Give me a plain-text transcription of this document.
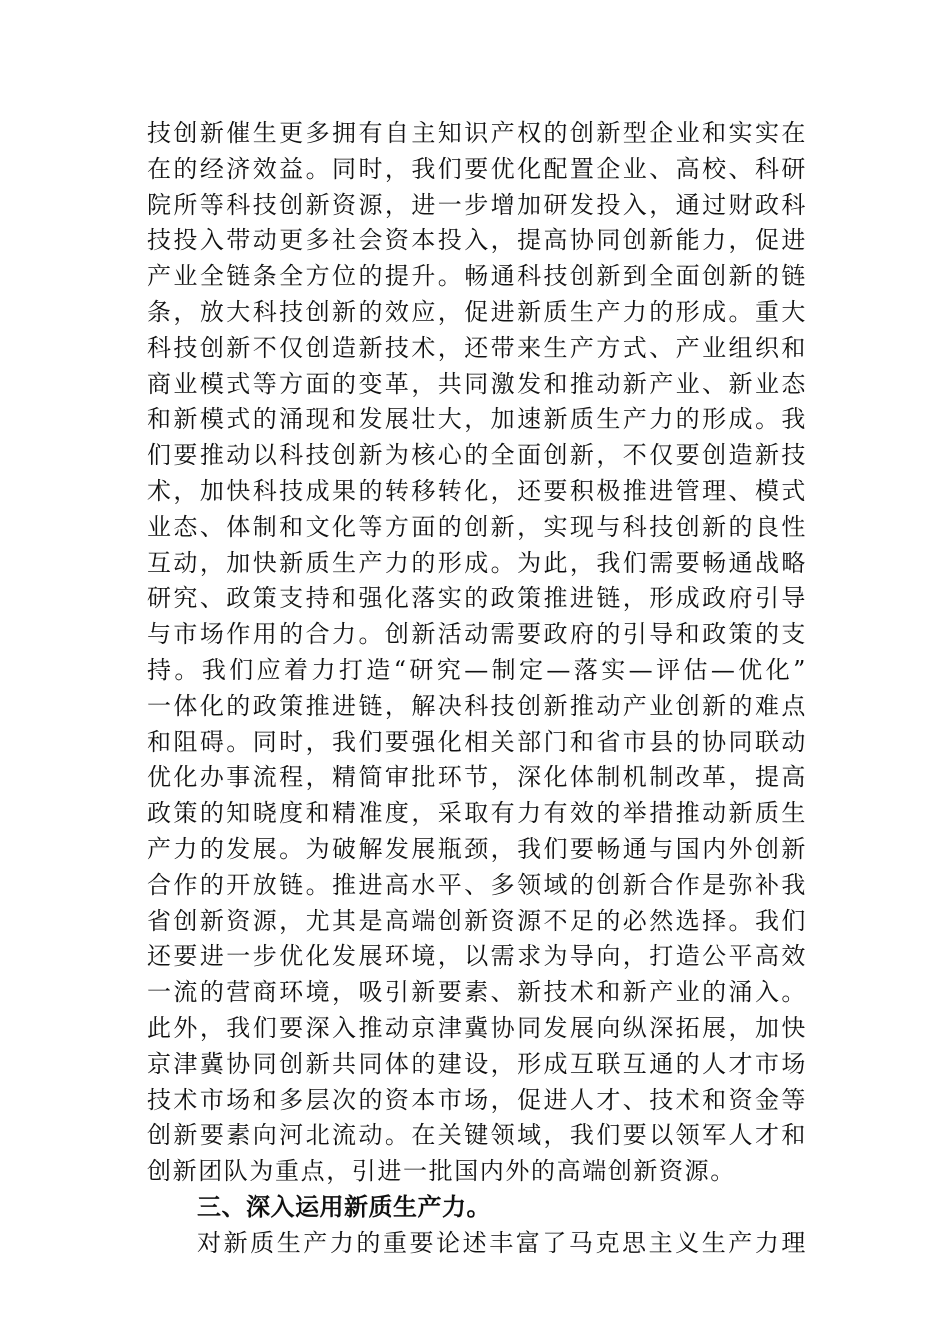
技创新催生更多拥有自主知识产权的创新型企业和实实在
在的经济效益。同时，我们要优化配置企业、高校、科研
院所等科技创新资源，进一步增加研发投入，通过财政科
技投入带动更多社会资本投入，提高协同创新能力，促进
产业全链条全方位的提升。畅通科技创新到全面创新的链
条，放大科技创新的效应，促进新质生产力的形成。重大
科技创新不仅创造新技术，还带来生产方式、产业组织和
商业模式等方面的变革，共同激发和推动新产业、新业态
和新模式的涌现和发展壮大，加速新质生产力的形成。我
们要推动以科技创新为核心的全面创新，不仅要创造新技
术，加快科技成果的转移转化，还要积极推进管理、模式
业态、体制和文化等方面的创新，实现与科技创新的良性
互动，加快新质生产力的形成。为此，我们需要畅通战略
研究、政策支持和强化落实的政策推进链，形成政府引导
与市场作用的合力。创新活动需要政府的引导和政策的支
持。我们应着力打造“研究—制定—落实—评估—优化”
一体化的政策推进链，解决科技创新推动产业创新的难点
和阻碍。同时，我们要强化相关部门和省市县的协同联动
优化办事流程，精简审批环节，深化体制机制改革，提高
政策的知晓度和精准度，采取有力有效的举措推动新质生
产力的发展。为破解发展瓶颈，我们要畅通与国内外创新
合作的开放链。推进高水平、多领域的创新合作是弥补我
省创新资源，尤其是高端创新资源不足的必然选择。我们
还要进一步优化发展环境，以需求为导向，打造公平高效
一流的营商环境，吸引新要素、新技术和新产业的涌入。
此外，我们要深入推动京津冀协同发展向纵深拓展，加快
京津冀协同创新共同体的建设，形成互联互通的人才市场
技术市场和多层次的资本市场，促进人才、技术和资金等
创新要素向河北流动。在关键领域，我们要以领军人才和
创新团队为重点，引进一批国内外的高端创新资源。
三、深入运用新质生产力。
对新质生产力的重要论述丰富了马克思主义生产力理
